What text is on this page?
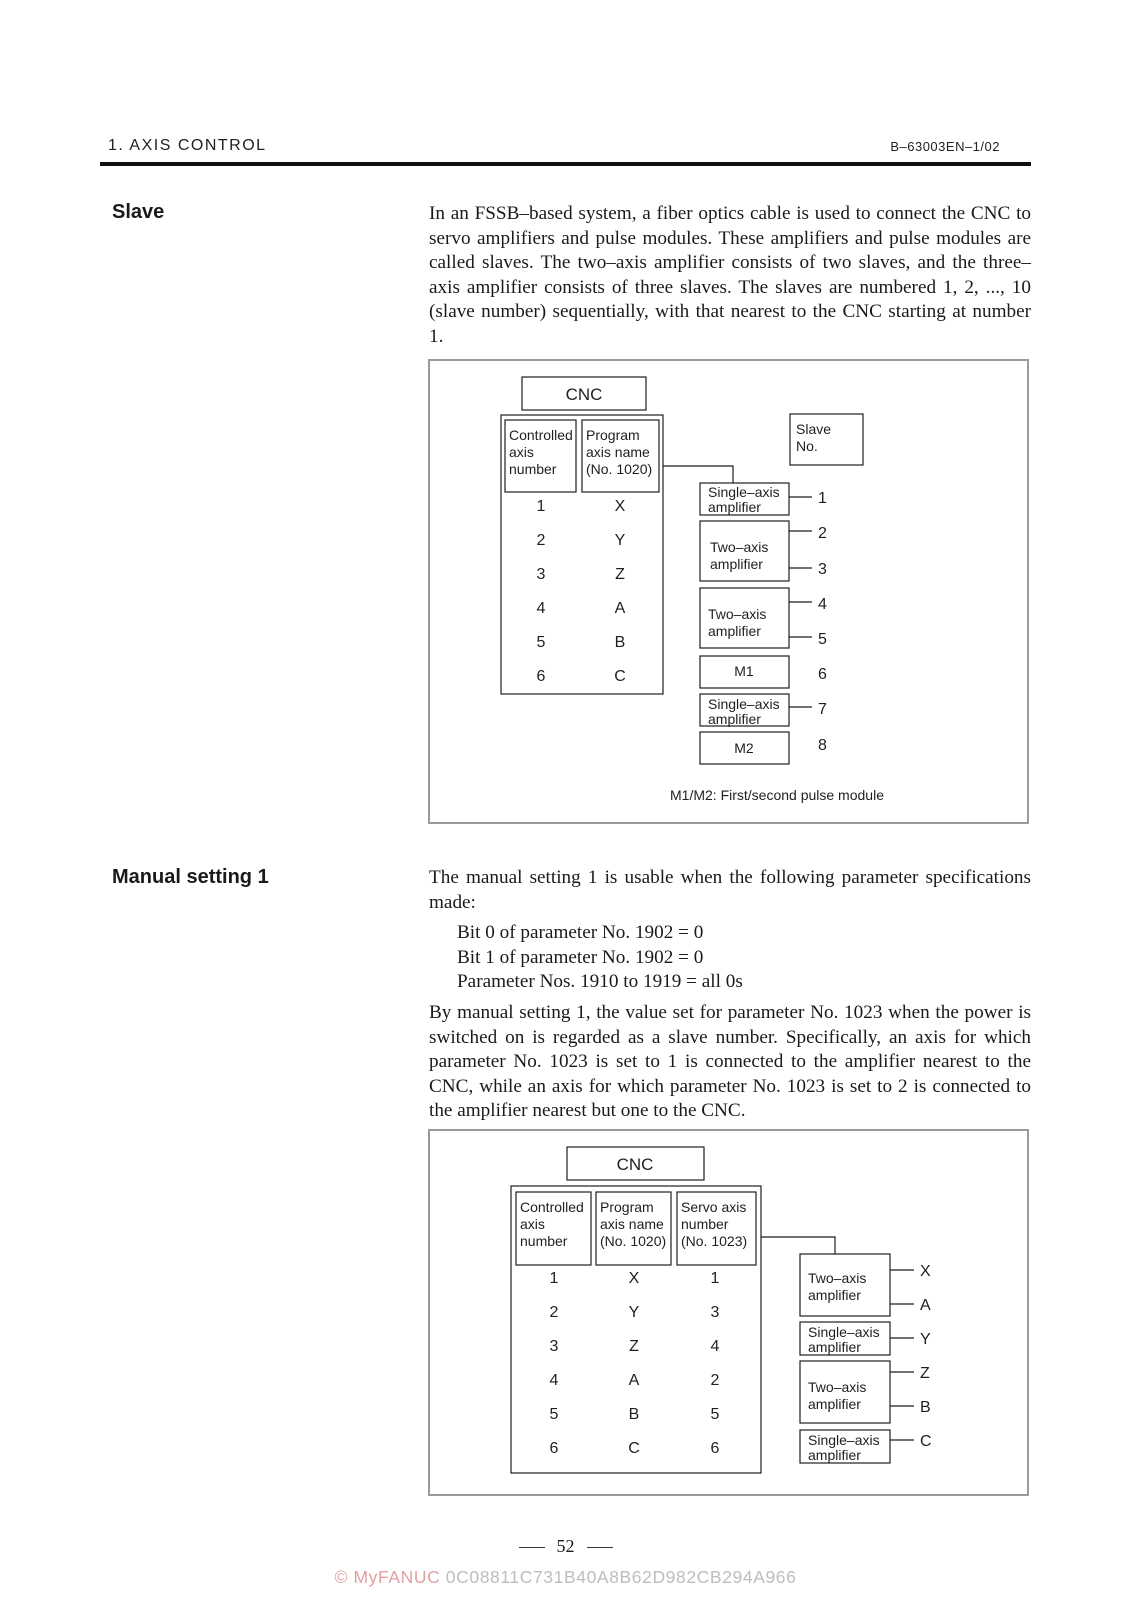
1. AXIS CONTROL	B–63003EN–1/02
Slave	In an FSSB–based system, a fiber optics cable is used to connect the CNC to servo amplifiers and pulse modules. These amplifiers and pulse modules are called slaves. The two–axis amplifier consists of two slaves, and the three–axis amplifier consists of three slaves. The slaves are numbered 1, 2, ..., 10 (slave number) sequentially, with that nearest to the CNC starting at number 1.
CNC
Controlled
axis
number
Program
axis name
(No. 1020)
Slave
No.
1	X
2	Y
3	Z
4	A
5	B
6	C
Single–axis
amplifier
Two–axis
amplifier
Two–axis
amplifier
M1
Single–axis
amplifier
M2
1
2
3
4
5
6
7
8
M1/M2: First/second pulse module
Manual setting 1	The manual setting 1 is usable when the following parameter specifications made:
Bit 0 of parameter No. 1902 = 0
Bit 1 of parameter No. 1902 = 0
Parameter Nos. 1910 to 1919 = all 0s
By manual setting 1, the value set for parameter No. 1023 when the power is switched on is regarded as a slave number. Specifically, an axis for which parameter No. 1023 is set to 1 is connected to the amplifier nearest to the CNC, while an axis for which parameter No. 1023 is set to 2 is connected to the amplifier nearest but one to the CNC.
CNC
Controlled
axis
number
Program
axis name
(No. 1020)
Servo axis
number
(No. 1023)
1	X	1
2	Y	3
3	Z	4
4	A	2
5	B	5
6	C	6
Two–axis
amplifier
Single–axis
amplifier
Two–axis
amplifier
Single–axis
amplifier
X
A
Y
Z
B
C
52
© MyFANUC 0C08811C731B40A8B62D982CB294A966
